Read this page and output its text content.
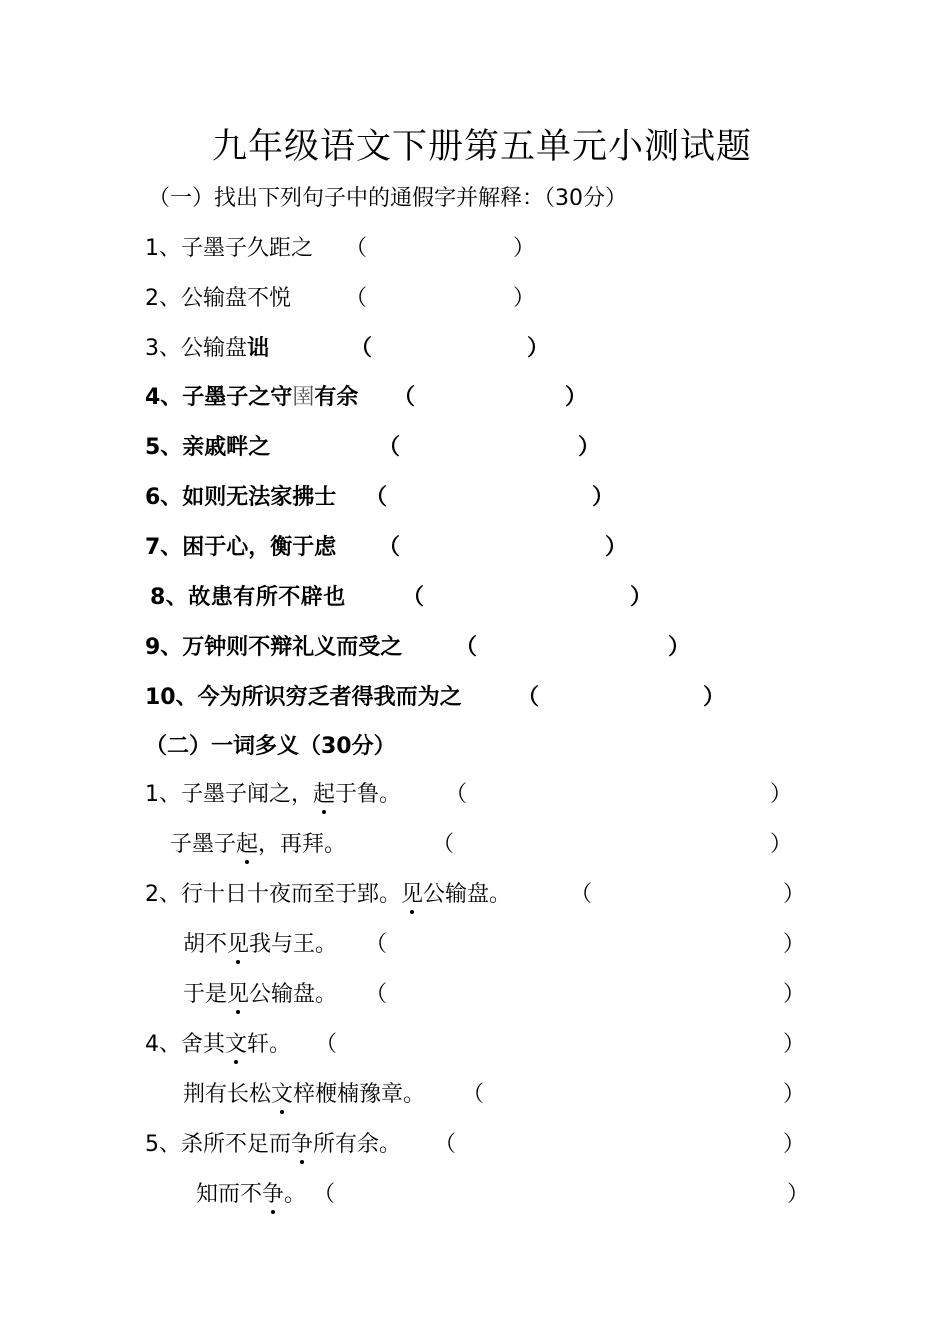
九年级语文下册第五单元小测试题
（一）找出下列句子中的通假字并解释：（30分）
1、子墨子久距之 （	）
2、公输盘不悦 （	）
3、公输盘诎	（	）
4、子墨子之守圉有余 （	）
5、亲戚畔之	（	）
6、如则无法家拂士 （	）
7、困于心，衡于虑 （	）
8、故患有所不辟也	（	）
9、万钟则不辩礼义而受之 （	）
10、今为所识穷乏者得我而为之	（	）
（二）一词多义（30分）
1、子墨子闻之，起于鲁。 （	）
子墨子起，再拜。	（	）
2、行十日十夜而至于郢。见公输盘。	（	）
胡不见我与王。 （	）
于是见公输盘。 （	）
4、舍其文轩。 （	）
荆有长松文梓楩楠豫章。 （	）
5、杀所不足而争所有余。 （	）
知而不争。 （	）
